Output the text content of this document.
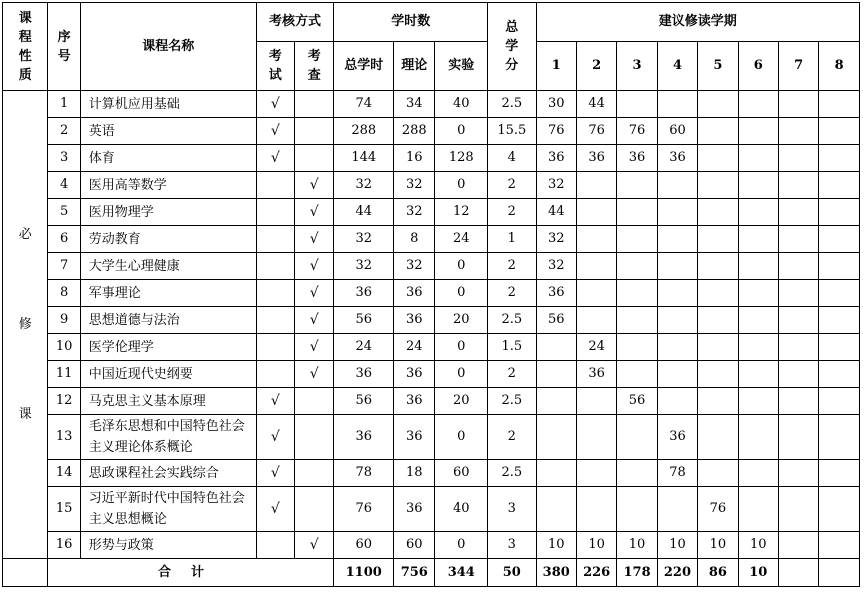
课程性质	序号	课程名称	考核方式		学时数			总学分	建议修读学期							

			考试	考查	总学时	理论	实验		1	2	3	4	5	6	7	8

必
修
课	1	计算机应用基础	√		74	34	40	2.5	30	44						
	2	英语	√		288	288	0	15.5	76	76	76	60				
	3	体育	√		144	16	128	4	36	36	36	36				
	4	医用高等数学		√	32	32	0	2	32							
	5	医用物理学		√	44	32	12	2	44							
	6	劳动教育		√	32	8	24	1	32							
	7	大学生心理健康		√	32	32	0	2	32							
	8	军事理论		√	36	36	0	2	36							
	9	思想道德与法治		√	56	36	20	2.5	56							
	10	医学伦理学		√	24	24	0	1.5		24						
	11	中国近现代史纲要		√	36	36	0	2		36						
	12	马克思主义基本原理	√		56	36	20	2.5			56					
	13	毛泽东思想和中国特色社会主义理论体系概论	√		36	36	0	2				36				
	14	思政课程社会实践综合	√		78	18	60	2.5				78				
	15	习近平新时代中国特色社会主义思想概论	√		76	36	40	3					76			
	16	形势与政策		√	60	60	0	3	10	10	10	10	10	10		
	合计				1100	756	344	50	380	226	178	220	86	10		
